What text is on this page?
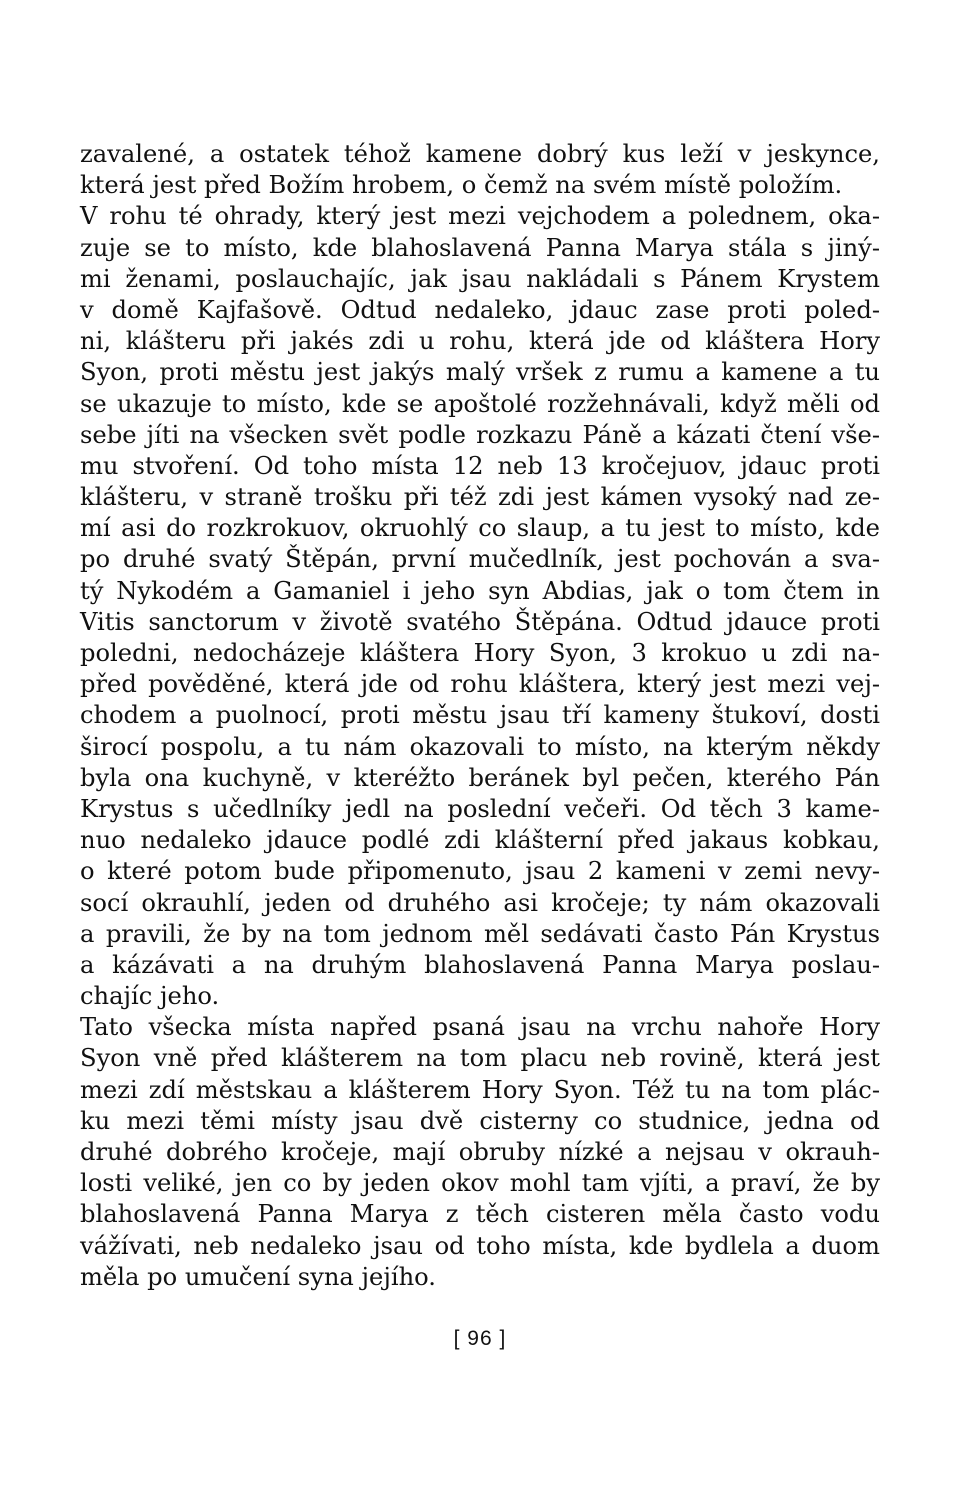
zavalené, a ostatek téhož kamene dobrý kus leží v jeskynce,
která jest před Božím hrobem, o čemž na svém místě položím.
V rohu té ohrady, který jest mezi vejchodem a polednem, oka-
zuje se to místo, kde blahoslavená Panna Marya stála s jiný-
mi ženami, poslauchajíc, jak jsau nakládali s Pánem Krystem
v domě Kajfašově. Odtud nedaleko, jdauc zase proti poled-
ni, klášteru při jakés zdi u rohu, která jde od kláštera Hory
Syon, proti městu jest jakýs malý vršek z rumu a kamene a tu
se ukazuje to místo, kde se apoštolé rozžehnávali, když měli od
sebe jíti na všecken svět podle rozkazu Páně a kázati čtení vše-
mu stvoření. Od toho místa 12 neb 13 kročejuov, jdauc proti
klášteru, v straně trošku při též zdi jest kámen vysoký nad ze-
mí asi do rozkrokuov, okruohlý co slaup, a tu jest to místo, kde
po druhé svatý Štěpán, první mučedlník, jest pochován a sva-
tý Nykodém a Gamaniel i jeho syn Abdias, jak o tom čtem in
Vitis sanctorum v životě svatého Štěpána. Odtud jdauce proti
poledni, nedocházeje kláštera Hory Syon, 3 krokuo u zdi na-
před pověděné, která jde od rohu kláštera, který jest mezi vej-
chodem a puolnocí, proti městu jsau tří kameny štukoví, dosti
širocí pospolu, a tu nám okazovali to místo, na kterým někdy
byla ona kuchyně, v kteréžto beránek byl pečen, kterého Pán
Krystus s učedlníky jedl na poslední večeři. Od těch 3 kame-
nuo nedaleko jdauce podlé zdi klášterní před jakaus kobkau,
o které potom bude připomenuto, jsau 2 kameni v zemi nevy-
socí okrauhlí, jeden od druhého asi kročeje; ty nám okazovali
a pravili, že by na tom jednom měl sedávati často Pán Krystus
a kázávati a na druhým blahoslavená Panna Marya poslau-
chajíc jeho.
Tato všecka místa napřed psaná jsau na vrchu nahoře Hory
Syon vně před klášterem na tom placu neb rovině, která jest
mezi zdí městskau a klášterem Hory Syon. Též tu na tom plác-
ku mezi těmi místy jsau dvě cisterny co studnice, jedna od
druhé dobrého kročeje, mají obruby nízké a nejsau v okrauh-
losti veliké, jen co by jeden okov mohl tam vjíti, a praví, že by
blahoslavená Panna Marya z těch cisteren měla často vodu
vážívati, neb nedaleko jsau od toho místa, kde bydlela a duom
měla po umučení syna jejího.
[ 96 ]
